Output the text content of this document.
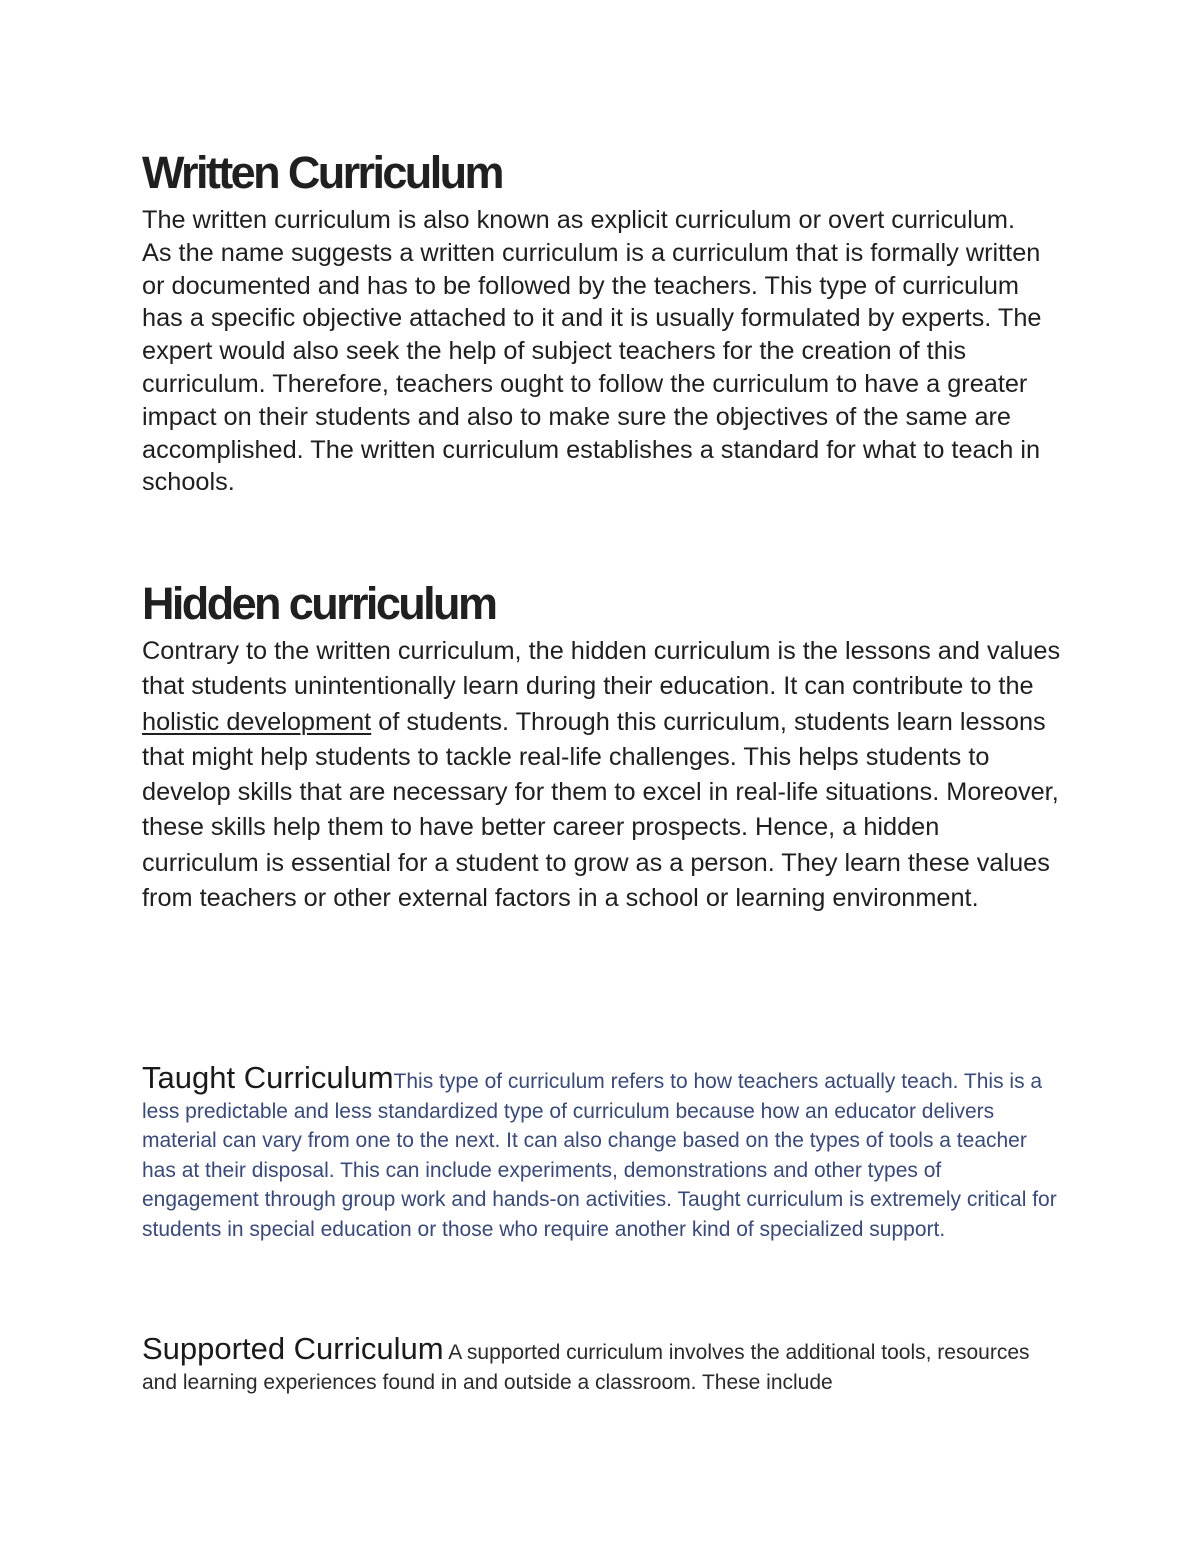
Written Curriculum

The written curriculum is also known as explicit curriculum or overt curriculum. As the name suggests a written curriculum is a curriculum that is formally written or documented and has to be followed by the teachers. This type of curriculum has a specific objective attached to it and it is usually formulated by experts. The expert would also seek the help of subject teachers for the creation of this curriculum. Therefore, teachers ought to follow the curriculum to have a greater impact on their students and also to make sure the objectives of the same are accomplished. The written curriculum establishes a standard for what to teach in schools.

Hidden curriculum

Contrary to the written curriculum, the hidden curriculum is the lessons and values that students unintentionally learn during their education. It can contribute to the holistic development of students. Through this curriculum, students learn lessons that might help students to tackle real-life challenges. This helps students to develop skills that are necessary for them to excel in real-life situations. Moreover, these skills help them to have better career prospects. Hence, a hidden curriculum is essential for a student to grow as a person. They learn these values from teachers or other external factors in a school or learning environment.

Taught CurriculumThis type of curriculum refers to how teachers actually teach. This is a less predictable and less standardized type of curriculum because how an educator delivers material can vary from one to the next. It can also change based on the types of tools a teacher has at their disposal. This can include experiments, demonstrations and other types of engagement through group work and hands-on activities. Taught curriculum is extremely critical for students in special education or those who require another kind of specialized support.

Supported Curriculum A supported curriculum involves the additional tools, resources and learning experiences found in and outside a classroom. These include
